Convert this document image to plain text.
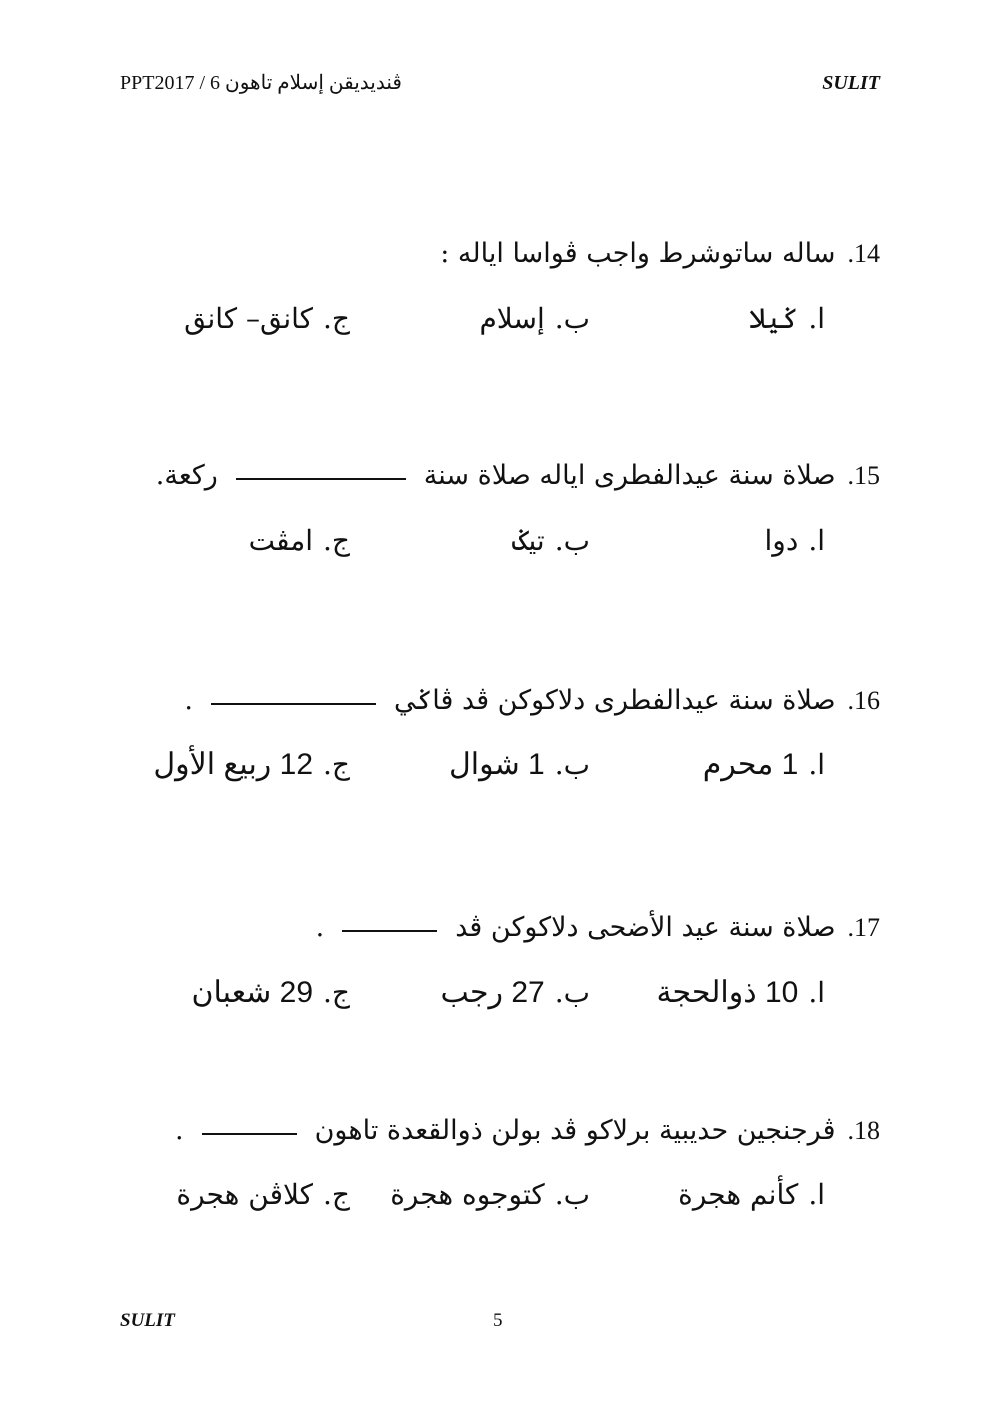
PPT2017 / ڤنديديقن إسلام تاهون 6	SULIT
14.
ساله ساتوشرط واجب ڤواسا اياله :
ا.
ݢيلا
ب.
إسلام
ج.
كانق– كانق
15.
صلاة سنة عيدالفطرى اياله صلاة سنة
ركعة.
ا.
دوا
ب.
تيݢ
ج.
امڤت
16.
صلاة سنة عيدالفطرى دلاكوكن ڤد ڤاݢي
.
ا.
1 محرم
ب.
1 شوال
ج.
12 ربيع الأول
17.
صلاة سنة عيد الأضحى دلاكوكن ڤد
.
ا.
10 ذوالحجة
ب.
27 رجب
ج.
29 شعبان
18.
ڤرجنجين حديبية برلاكو ڤد بولن ذوالقعدة تاهون
.
ا.
كأنم هجرة
ب.
كتوجوه هجرة
ج.
كلاڤن هجرة
SULIT	5
